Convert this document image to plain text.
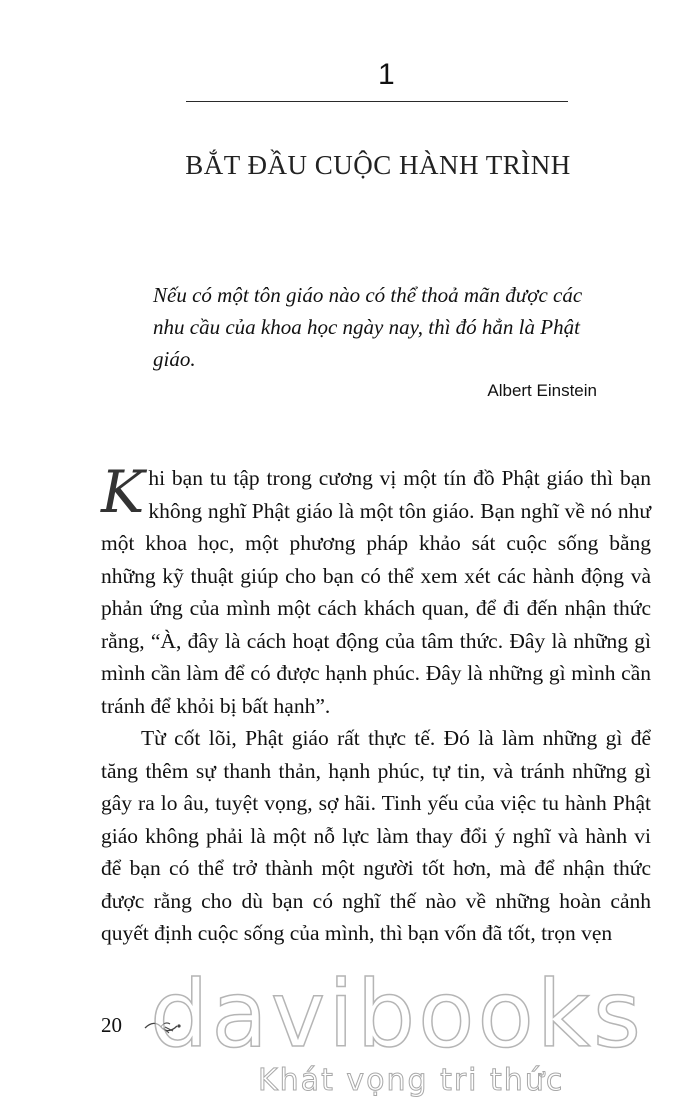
1
BẮT ĐẦU CUỘC HÀNH TRÌNH
Nếu có một tôn giáo nào có thể thoả mãn được các nhu cầu của khoa học ngày nay, thì đó hẳn là Phật giáo.
Albert Einstein

Khi bạn tu tập trong cương vị một tín đồ Phật giáo thì bạn không nghĩ Phật giáo là một tôn giáo. Bạn nghĩ về nó như một khoa học, một phương pháp khảo sát cuộc sống bằng những kỹ thuật giúp cho bạn có thể xem xét các hành động và phản ứng của mình một cách khách quan, để đi đến nhận thức rằng, “À, đây là cách hoạt động của tâm thức. Đây là những gì mình cần làm để có được hạnh phúc. Đây là những gì mình cần tránh để khỏi bị bất hạnh”.

Từ cốt lõi, Phật giáo rất thực tế. Đó là làm những gì để tăng thêm sự thanh thản, hạnh phúc, tự tin, và tránh những gì gây ra lo âu, tuyệt vọng, sợ hãi. Tinh yếu của việc tu hành Phật giáo không phải là một nỗ lực làm thay đổi ý nghĩ và hành vi để bạn có thể trở thành một người tốt hơn, mà để nhận thức được rằng cho dù bạn có nghĩ thế nào về những hoàn cảnh quyết định cuộc sống của mình, thì bạn vốn đã tốt, trọn vẹn

20 davibooks
Khát vọng tri thức
